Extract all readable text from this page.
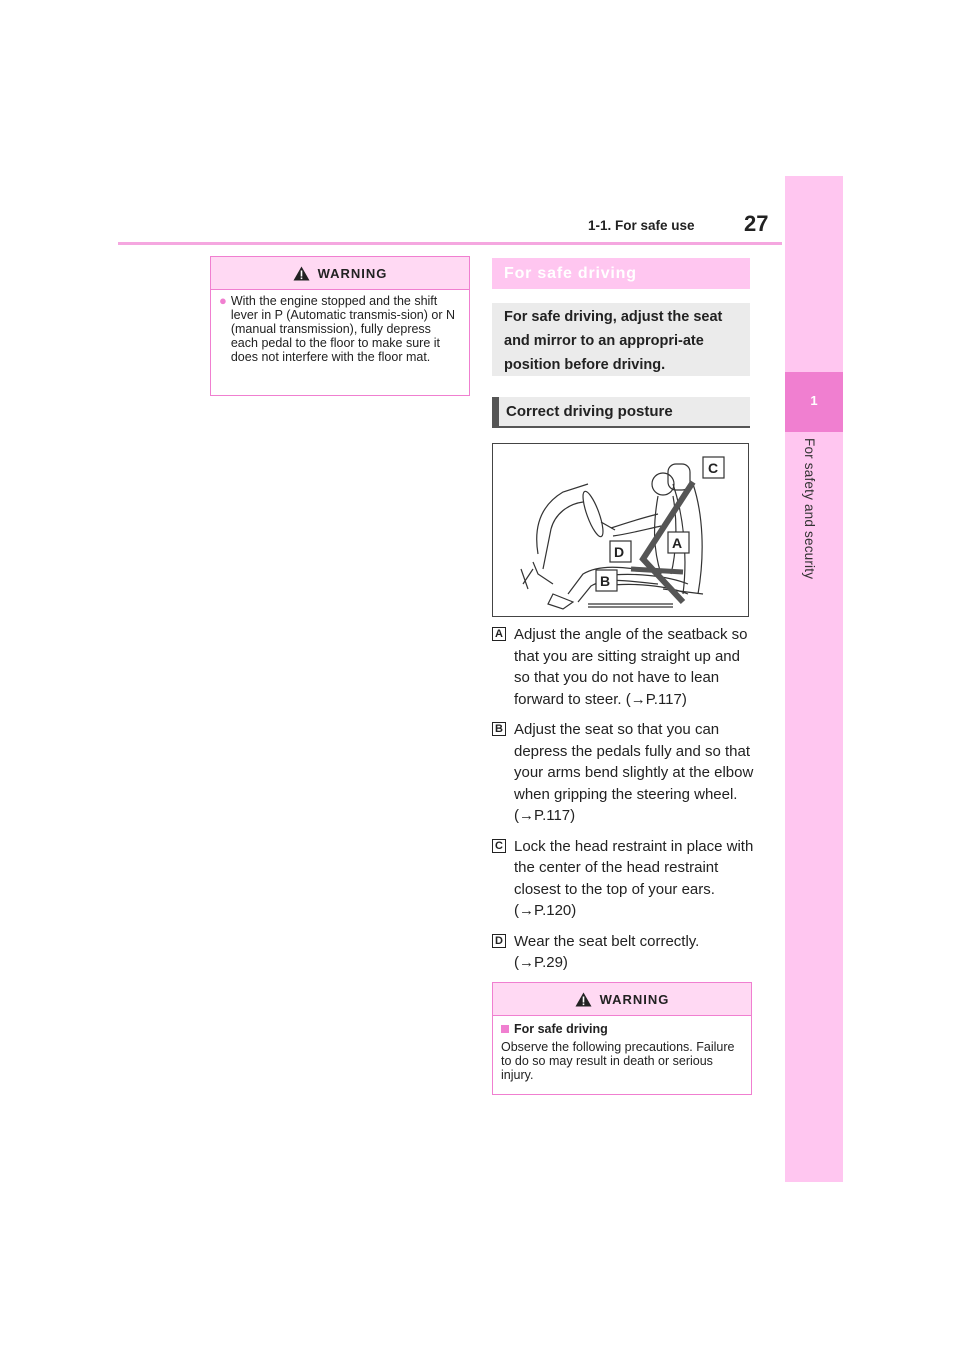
1-1. For safe use 27
1
For safety and security
WARNING
● With the engine stopped and the shift lever in P (Automatic transmis-sion) or N (manual transmission), fully depress each pedal to the floor to make sure it does not interfere with the floor mat.
For safe driving
For safe driving, adjust the seat and mirror to an appropri-ate position before driving.
Correct driving posture
C
D
A
B
A Adjust the angle of the seatback so that you are sitting straight up and so that you do not have to lean forward to steer. (→P.117)
B Adjust the seat so that you can depress the pedals fully and so that your arms bend slightly at the elbow when gripping the steering wheel. (→P.117)
C Lock the head restraint in place with the center of the head restraint closest to the top of your ears. (→P.120)
D Wear the seat belt correctly. (→P.29)
WARNING
For safe driving
Observe the following precautions. Failure to do so may result in death or serious injury.
